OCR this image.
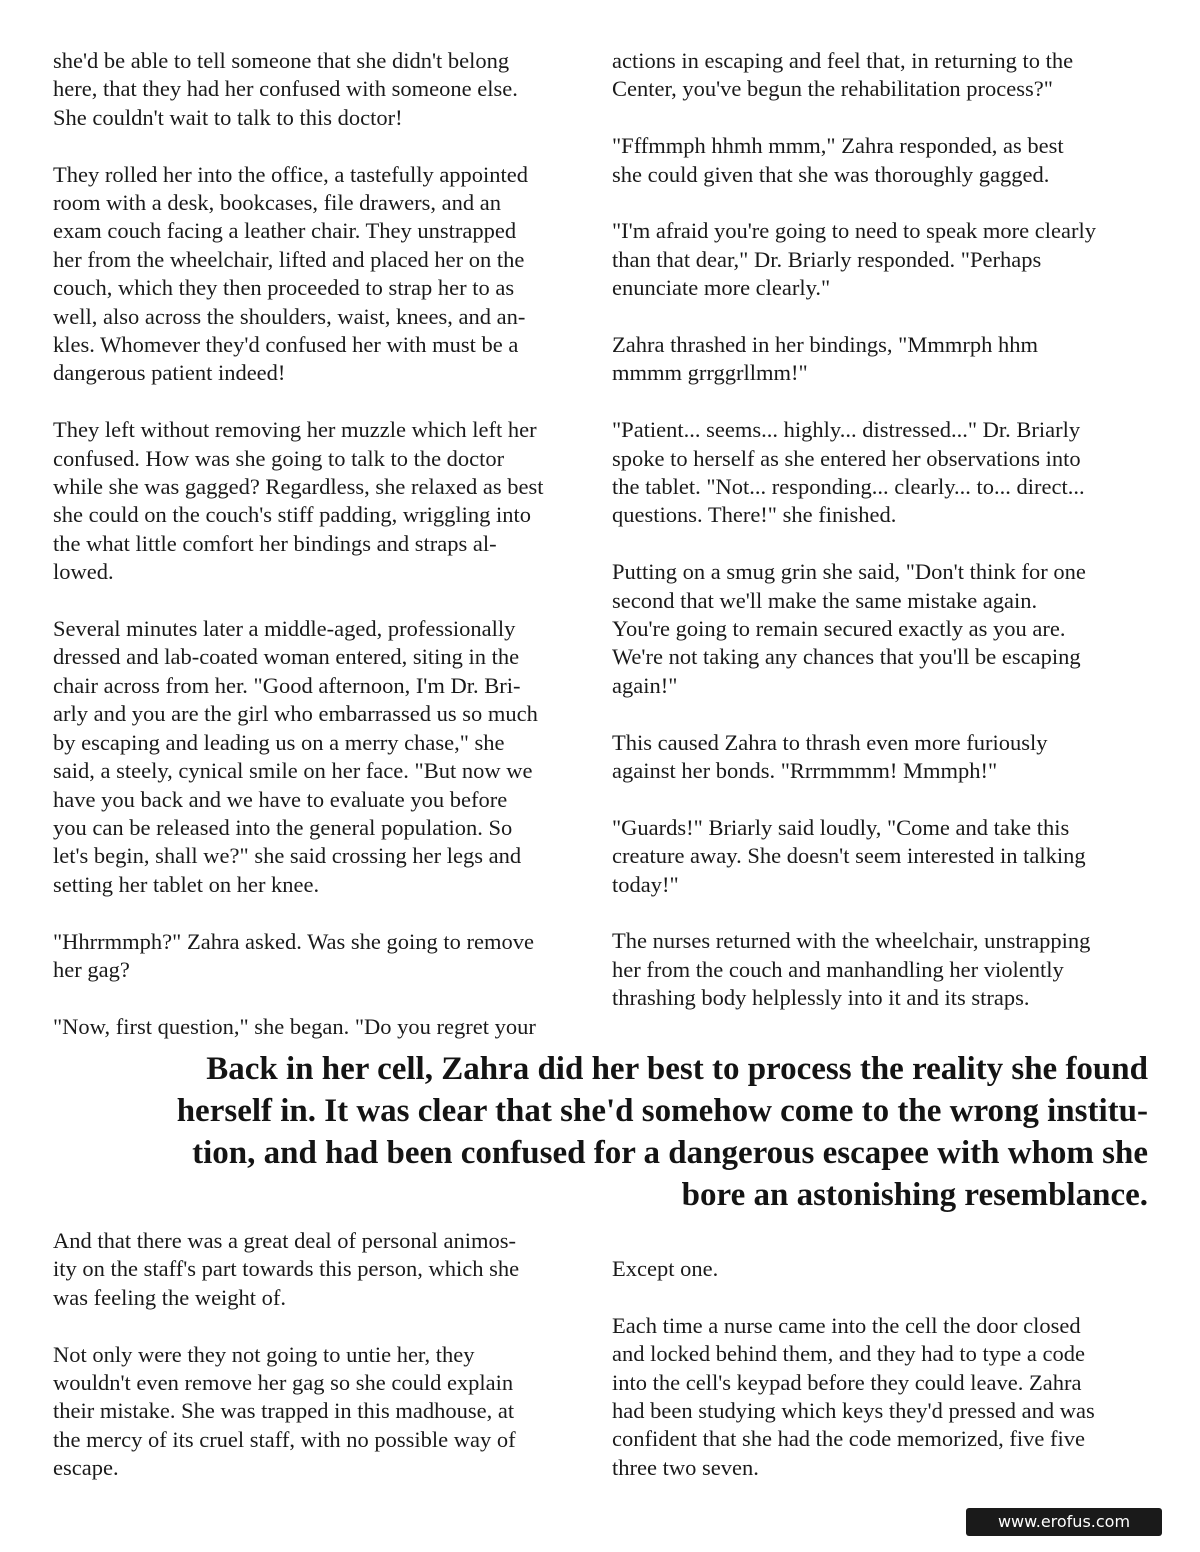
she'd be able to tell someone that she didn't belong
here, that they had her confused with someone else.
She couldn't wait to talk to this doctor!

They rolled her into the office, a tastefully appointed
room with a desk, bookcases, file drawers, and an
exam couch facing a leather chair. They unstrapped
her from the wheelchair, lifted and placed her on the
couch, which they then proceeded to strap her to as
well, also across the shoulders, waist, knees, and an-
kles. Whomever they'd confused her with must be a
dangerous patient indeed!

They left without removing her muzzle which left her
confused. How was she going to talk to the doctor
while she was gagged? Regardless, she relaxed as best
she could on the couch's stiff padding, wriggling into
the what little comfort her bindings and straps al-
lowed.

Several minutes later a middle-aged, professionally
dressed and lab-coated woman entered, siting in the
chair across from her. "Good afternoon, I'm Dr. Bri-
arly and you are the girl who embarrassed us so much
by escaping and leading us on a merry chase," she
said, a steely, cynical smile on her face. "But now we
have you back and we have to evaluate you before
you can be released into the general population. So
let's begin, shall we?" she said crossing her legs and
setting her tablet on her knee.

"Hhrrmmph?" Zahra asked. Was she going to remove
her gag?

"Now, first question," she began. "Do you regret your

actions in escaping and feel that, in returning to the
Center, you've begun the rehabilitation process?"

"Fffmmph hhmh mmm," Zahra responded, as best
she could given that she was thoroughly gagged.

"I'm afraid you're going to need to speak more clearly
than that dear," Dr. Briarly responded. "Perhaps
enunciate more clearly."

Zahra thrashed in her bindings, "Mmmrph hhm
mmmm grrggrllmm!"

"Patient... seems... highly... distressed..." Dr. Briarly
spoke to herself as she entered her observations into
the tablet. "Not... responding... clearly... to... direct...
questions. There!" she finished.

Putting on a smug grin she said, "Don't think for one
second that we'll make the same mistake again.
You're going to remain secured exactly as you are.
We're not taking any chances that you'll be escaping
again!"

This caused Zahra to thrash even more furiously
against her bonds. "Rrrmmmm! Mmmph!"

"Guards!" Briarly said loudly, "Come and take this
creature away. She doesn't seem interested in talking
today!"

The nurses returned with the wheelchair, unstrapping
her from the couch and manhandling her violently
thrashing body helplessly into it and its straps.

Back in her cell, Zahra did her best to process the reality she found
herself in. It was clear that she'd somehow come to the wrong institu-
tion, and had been confused for a dangerous escapee with whom she
bore an astonishing resemblance.

And that there was a great deal of personal animos-
ity on the staff's part towards this person, which she
was feeling the weight of.

Not only were they not going to untie her, they
wouldn't even remove her gag so she could explain
their mistake. She was trapped in this madhouse, at
the mercy of its cruel staff, with no possible way of
escape.

Except one.

Each time a nurse came into the cell the door closed
and locked behind them, and they had to type a code
into the cell's keypad before they could leave. Zahra
had been studying which keys they'd pressed and was
confident that she had the code memorized, five five
three two seven.

www.erofus.com
